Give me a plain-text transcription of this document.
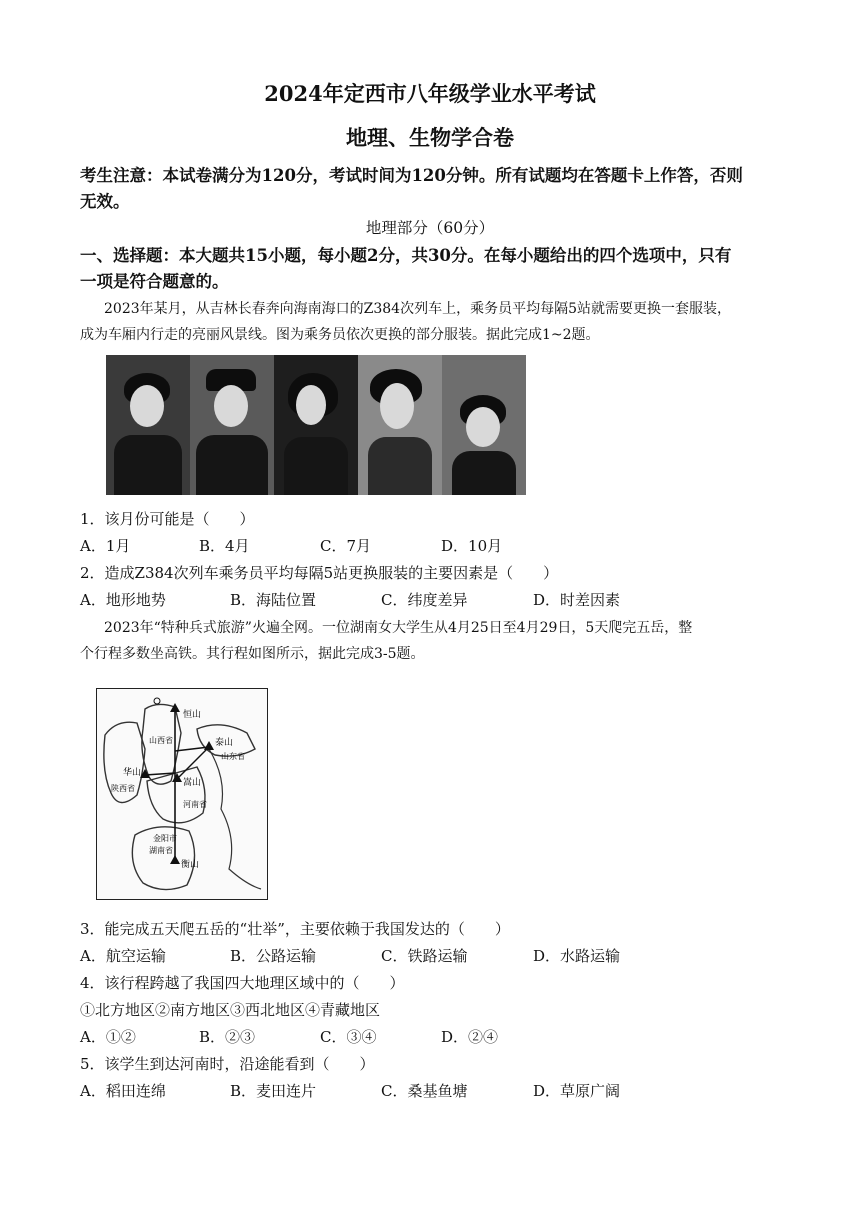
2024年定西市八年级学业水平考试
地理、生物学合卷
考生注意：本试卷满分为120分，考试时间为120分钟。所有试题均在答题卡上作答，否则
无效。
地理部分（60分）
一、选择题：本大题共15小题，每小题2分，共30分。在每小题给出的四个选项中，只有
一项是符合题意的。
2023年某月，从吉林长春奔向海南海口的Z384次列车上，乘务员平均每隔5站就需要更换一套服装，
成为车厢内行走的亮丽风景线。图为乘务员依次更换的部分服装。据此完成1~2题。
1．该月份可能是（　　）
A．1月	B．4月	C．7月	D．10月
2．造成Z384次列车乘务员平均每隔5站更换服装的主要因素是（　　）
A．地形地势	B．海陆位置	C．纬度差异	D．时差因素
2023年“特种兵式旅游”火遍全网。一位湖南女大学生从4月25日至4月29日，5天爬完五岳，整
个行程多数坐高铁。其行程如图所示，据此完成3-5题。
华山
恒山
泰山
嵩山
衡山
陕西省
山西省
山东省
河南省
湖南省
金阳市
3．能完成五天爬五岳的“壮举”，主要依赖于我国发达的（　　）
A．航空运输	B．公路运输	C．铁路运输	D．水路运输
4．该行程跨越了我国四大地理区域中的（　　）
①北方地区②南方地区③西北地区④青藏地区
A．①②	B．②③	C．③④	D．②④
5．该学生到达河南时，沿途能看到（　　）
A．稻田连绵	B．麦田连片	C．桑基鱼塘	D．草原广阔
